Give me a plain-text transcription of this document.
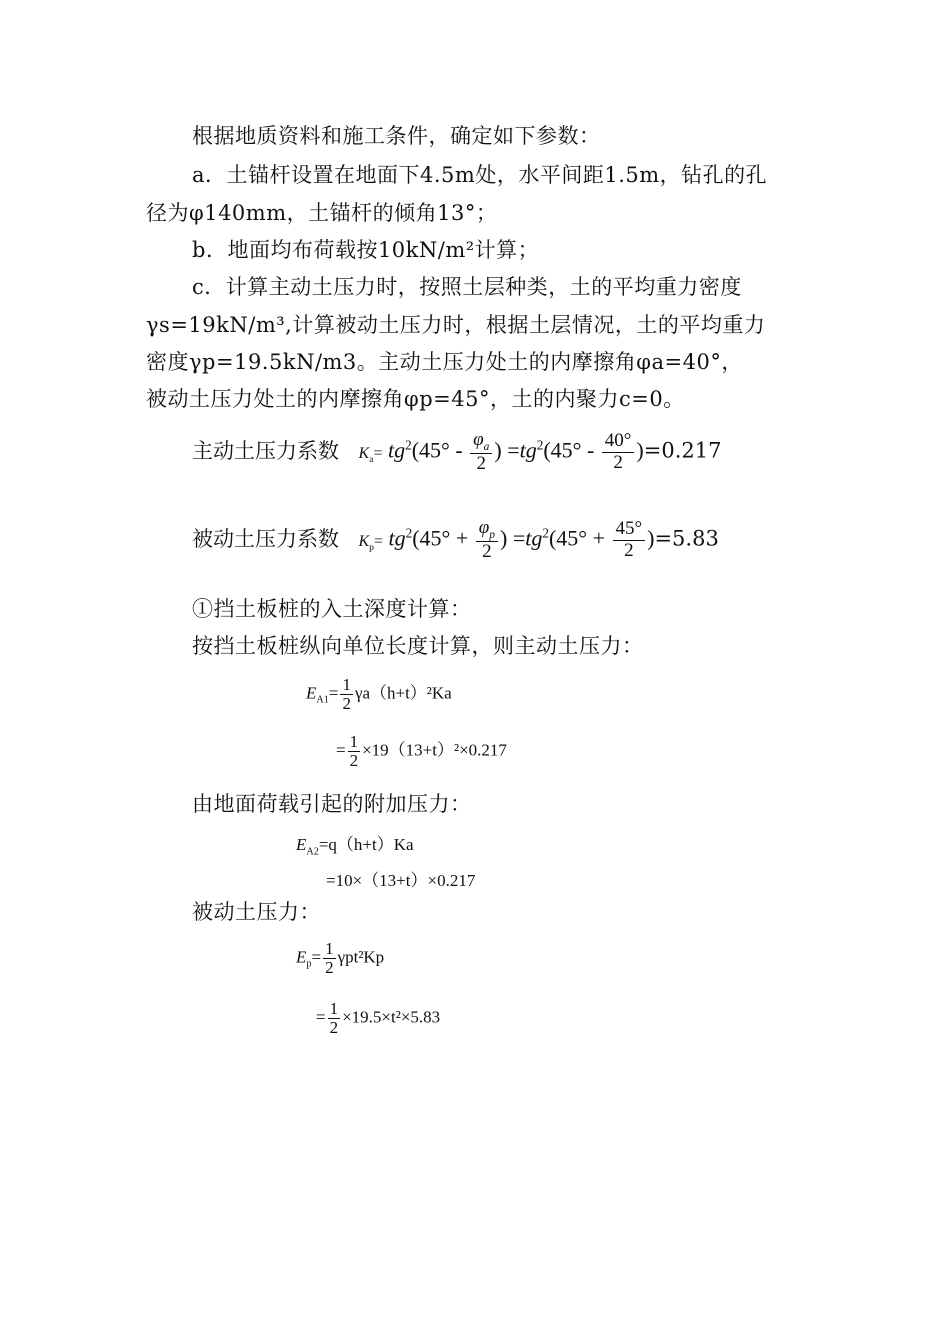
根据地质资料和施工条件，确定如下参数：
a．土锚杆设置在地面下4.5m处，水平间距1.5m，钻孔的孔
径为φ140mm，土锚杆的倾角13°；
b．地面均布荷载按10kN/m²计算；
c．计算主动土压力时，按照土层种类，土的平均重力密度
γs=19kN/m³,计算被动土压力时，根据土层情况，土的平均重力
密度γp=19.5kN/m3。主动土压力处土的内摩擦角φa=40°，
被动土压力处土的内摩擦角φp=45°，土的内聚力c=0。
主动土压力系数 $K_a= tg^2(45^\circ - \frac{\varphi_a}{2}$ ) $=tg^2(45^\circ - \frac{40^\circ}{2} )=0.217$
被动土压力系数 $K_p= tg^2(45^\circ + \frac{\varphi_p}{2}$ ) $=tg^2(45^\circ + \frac{45^\circ}{2} )=5.83$
①挡土板桩的入土深度计算：
按挡土板桩纵向单位长度计算，则主动土压力：
$E_{A1}= \frac{1}{2} \gamma a(h+t)^2Ka$
= $\frac{1}{2} \times 19(13+t)^2\times 0.217$
由地面荷载引起的附加压力：
$E_{A2}=q(h+t)Ka$
=10×（13+t）×0.217
被动土压力：
$E_p= \frac{1}{2} \gamma pt^2Kp$
= $\frac{1}{2} \times 19.5\times t^2\times 5.83$
